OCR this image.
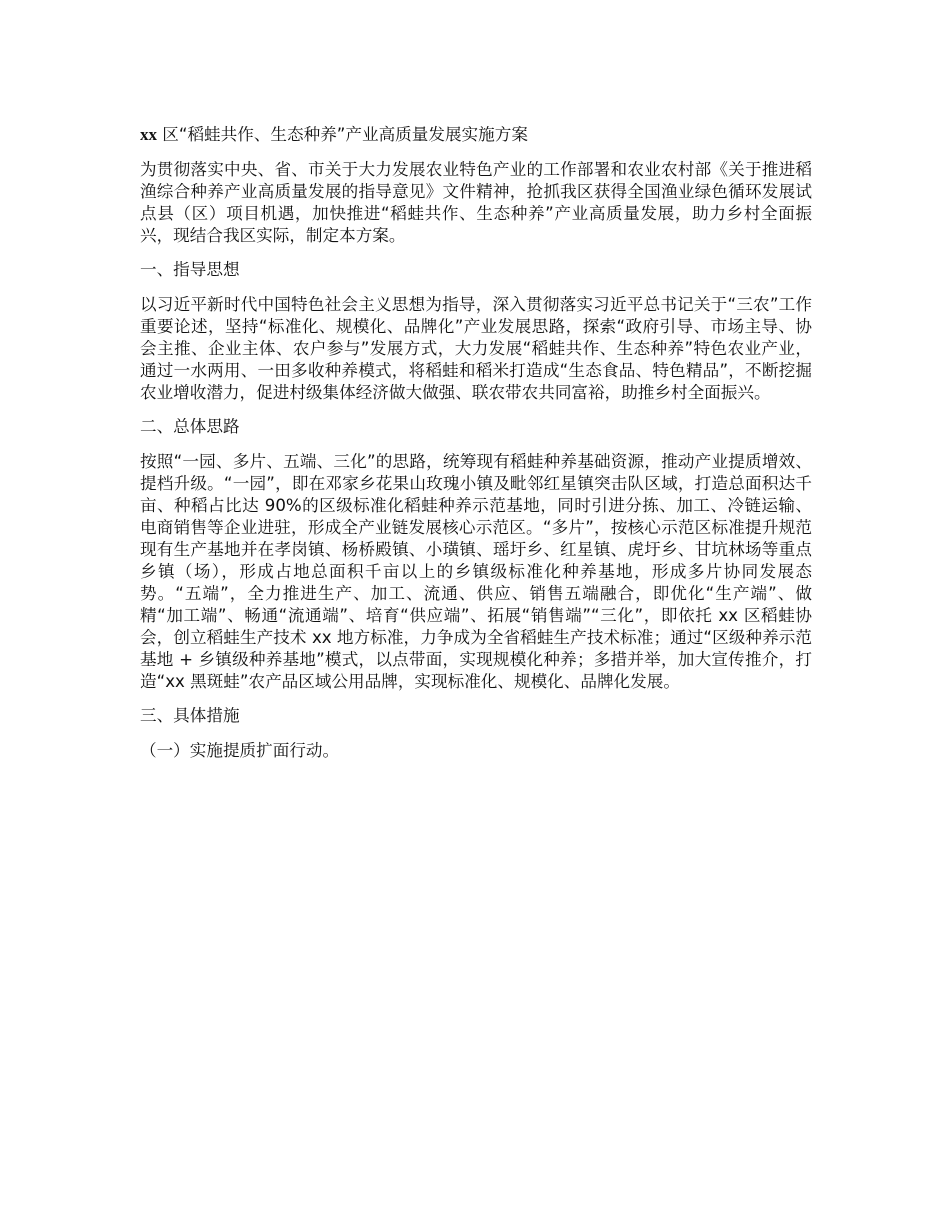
xx 区“稻蛙共作、生态种养”产业高质量发展实施方案

为贯彻落实中央、省、市关于大力发展农业特色产业的工作部署和农业农村部《关于推进稻渔综合种养产业高质量发展的指导意见》文件精神，抢抓我区获得全国渔业绿色循环发展试点县（区）项目机遇，加快推进“稻蛙共作、生态种养”产业高质量发展，助力乡村全面振兴，现结合我区实际，制定本方案。

一、指导思想

以习近平新时代中国特色社会主义思想为指导，深入贯彻落实习近平总书记关于“三农”工作重要论述，坚持“标准化、规模化、品牌化”产业发展思路，探索“政府引导、市场主导、协会主推、企业主体、农户参与”发展方式，大力发展“稻蛙共作、生态种养”特色农业产业，通过一水两用、一田多收种养模式，将稻蛙和稻米打造成“生态食品、特色精品”，不断挖掘农业增收潜力，促进村级集体经济做大做强、联农带农共同富裕，助推乡村全面振兴。

二、总体思路

按照“一园、多片、五端、三化”的思路，统筹现有稻蛙种养基础资源，推动产业提质增效、提档升级。“一园”，即在邓家乡花果山玫瑰小镇及毗邻红星镇突击队区域，打造总面积达千亩、种稻占比达 90%的区级标准化稻蛙种养示范基地，同时引进分拣、加工、冷链运输、电商销售等企业进驻，形成全产业链发展核心示范区。“多片”，按核心示范区标准提升规范现有生产基地并在孝岗镇、杨桥殿镇、小璜镇、瑶圩乡、红星镇、虎圩乡、甘坑林场等重点乡镇（场），形成占地总面积千亩以上的乡镇级标准化种养基地，形成多片协同发展态势。“五端”，全力推进生产、加工、流通、供应、销售五端融合，即优化“生产端”、做精“加工端”、畅通“流通端”、培育“供应端”、拓展“销售端”“三化”，即依托 xx 区稻蛙协会，创立稻蛙生产技术 xx 地方标准，力争成为全省稻蛙生产技术标准；通过“区级种养示范基地 + 乡镇级种养基地”模式，以点带面，实现规模化种养；多措并举，加大宣传推介，打造“xx 黑斑蛙”农产品区域公用品牌，实现标准化、规模化、品牌化发展。

三、具体措施

（一）实施提质扩面行动。
